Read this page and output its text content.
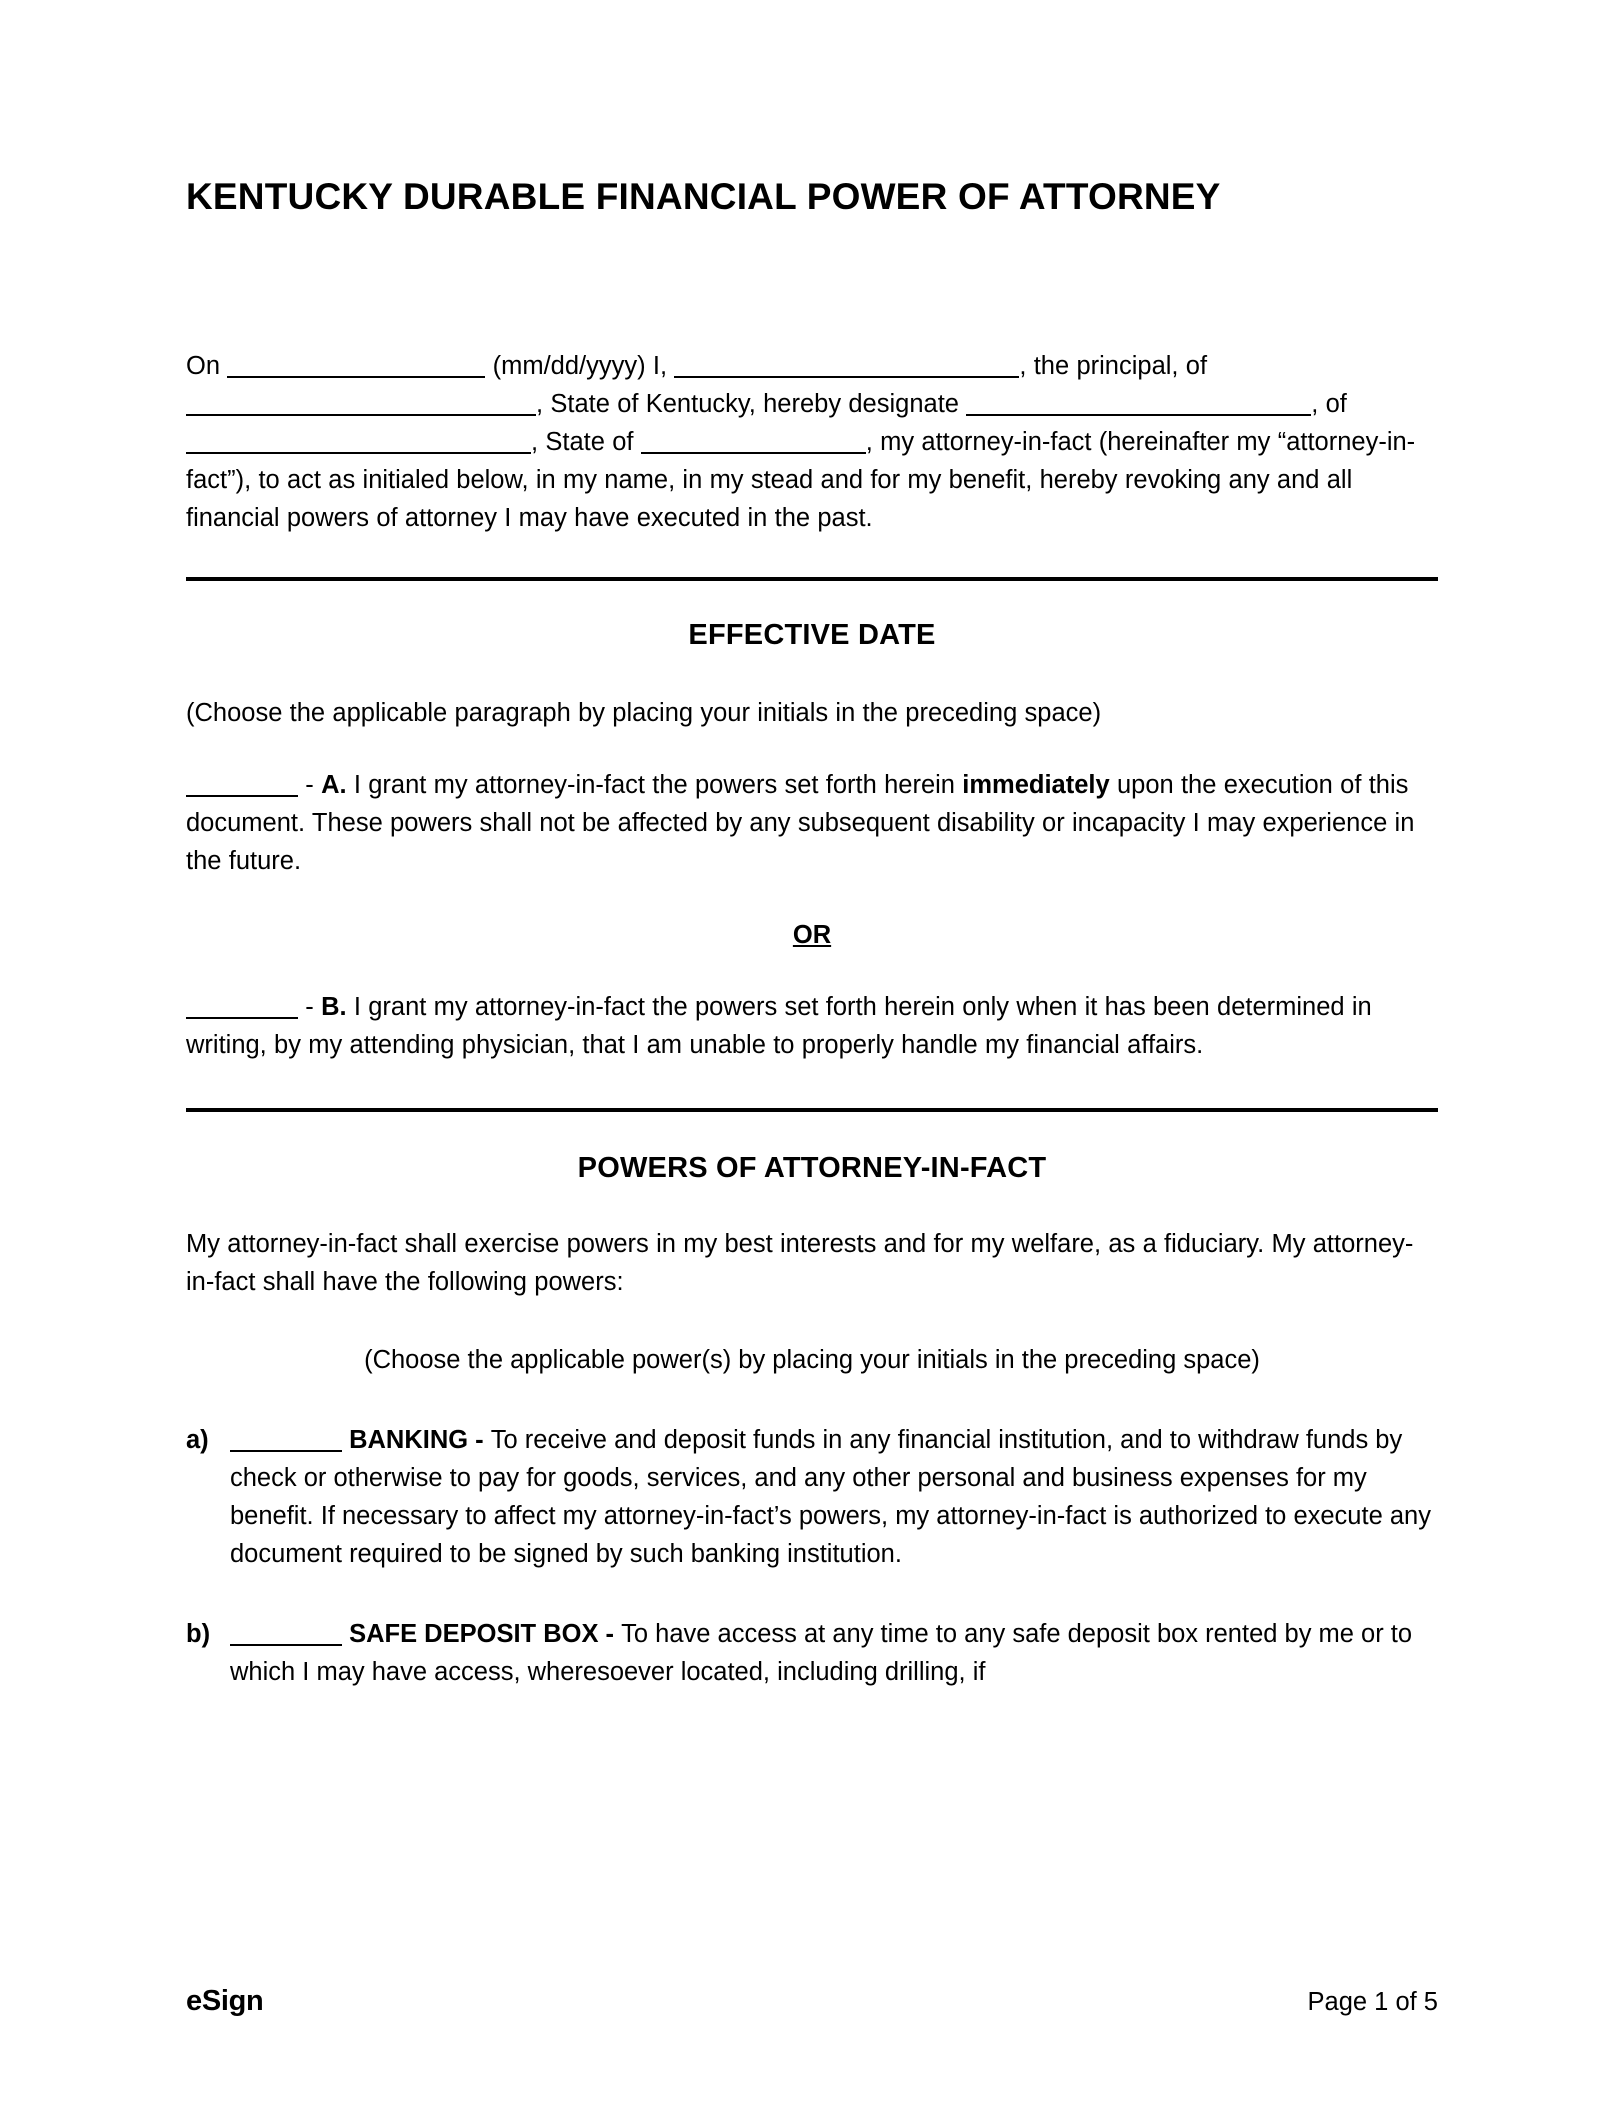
KENTUCKY DURABLE FINANCIAL POWER OF ATTORNEY

On	(mm/dd/yyyy) I,	, the principal, of , State of Kentucky, hereby designate	, of , State of	, my attorney-in-fact (hereinafter my “attorney-in-fact”), to act as initialed below, in my name, in my stead and for my benefit, hereby revoking any and all financial powers of attorney I may have executed in the past.

EFFECTIVE DATE

(Choose the applicable paragraph by placing your initials in the preceding space)

- A. I grant my attorney-in-fact the powers set forth herein immediately upon the execution of this document. These powers shall not be affected by any subsequent disability or incapacity I may experience in the future.

OR

- B. I grant my attorney-in-fact the powers set forth herein only when it has been determined in writing, by my attending physician, that I am unable to properly handle my financial affairs.

POWERS OF ATTORNEY-IN-FACT

My attorney-in-fact shall exercise powers in my best interests and for my welfare, as a fiduciary. My attorney-in-fact shall have the following powers:

(Choose the applicable power(s) by placing your initials in the preceding space)

a)	BANKING - To receive and deposit funds in any financial institution, and to withdraw funds by check or otherwise to pay for goods, services, and any other personal and business expenses for my benefit. If necessary to affect my attorney-in-fact’s powers, my attorney-in-fact is authorized to execute any document required to be signed by such banking institution.
b)	SAFE DEPOSIT BOX - To have access at any time to any safe deposit box rented by me or to which I may have access, wheresoever located, including drilling, if
eSign	Page 1 of 5
